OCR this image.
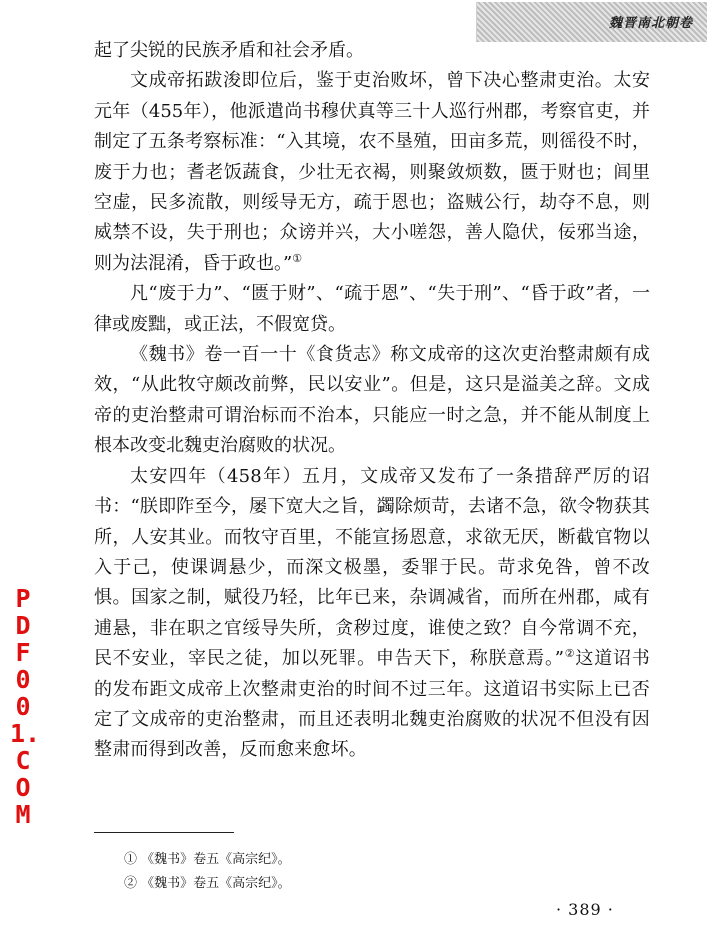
魏晋南北朝卷

起了尖锐的民族矛盾和社会矛盾。

文成帝拓跋浚即位后，鉴于吏治败坏，曾下决心整肃吏治。太安元年（455年），他派遣尚书穆伏真等三十人巡行州郡，考察官吏，并制定了五条考察标准：“入其境，农不垦殖，田亩多荒，则徭役不时，废于力也；耆老饭蔬食，少壮无衣褐，则聚敛烦数，匮于财也；闾里空虚，民多流散，则绥导无方，疏于恩也；盗贼公行，劫夺不息，则威禁不设，失于刑也；众谤并兴，大小嗟怨，善人隐伏，佞邪当途，则为法混淆，昏于政也。”①

凡“废于力”、“匮于财”、“疏于恩”、“失于刑”、“昏于政”者，一律或废黜，或正法，不假宽贷。

《魏书》卷一百一十《食货志》称文成帝的这次吏治整肃颇有成效，“从此牧守颇改前弊，民以安业”。但是，这只是溢美之辞。文成帝的吏治整肃可谓治标而不治本，只能应一时之急，并不能从制度上根本改变北魏吏治腐败的状况。

太安四年（458年）五月，文成帝又发布了一条措辞严厉的诏书：“朕即阼至今，屡下宽大之旨，蠲除烦苛，去诸不急，欲令物获其所，人安其业。而牧守百里，不能宣扬恩意，求欲无厌，断截官物以入于己，使课调悬少，而深文极墨，委罪于民。苛求免咎，曾不改惧。国家之制，赋役乃轻，比年已来，杂调减省，而所在州郡，咸有逋悬，非在职之官绥导失所，贪秽过度，谁使之致？自今常调不充，民不安业，宰民之徒，加以死罪。申告天下，称朕意焉。”②这道诏书的发布距文成帝上次整肃吏治的时间不过三年。这道诏书实际上已否定了文成帝的吏治整肃，而且还表明北魏吏治腐败的状况不但没有因整肃而得到改善，反而愈来愈坏。

PDF001.COM
① 《魏书》卷五《高宗纪》。
② 《魏书》卷五《高宗纪》。
· 389 ·
